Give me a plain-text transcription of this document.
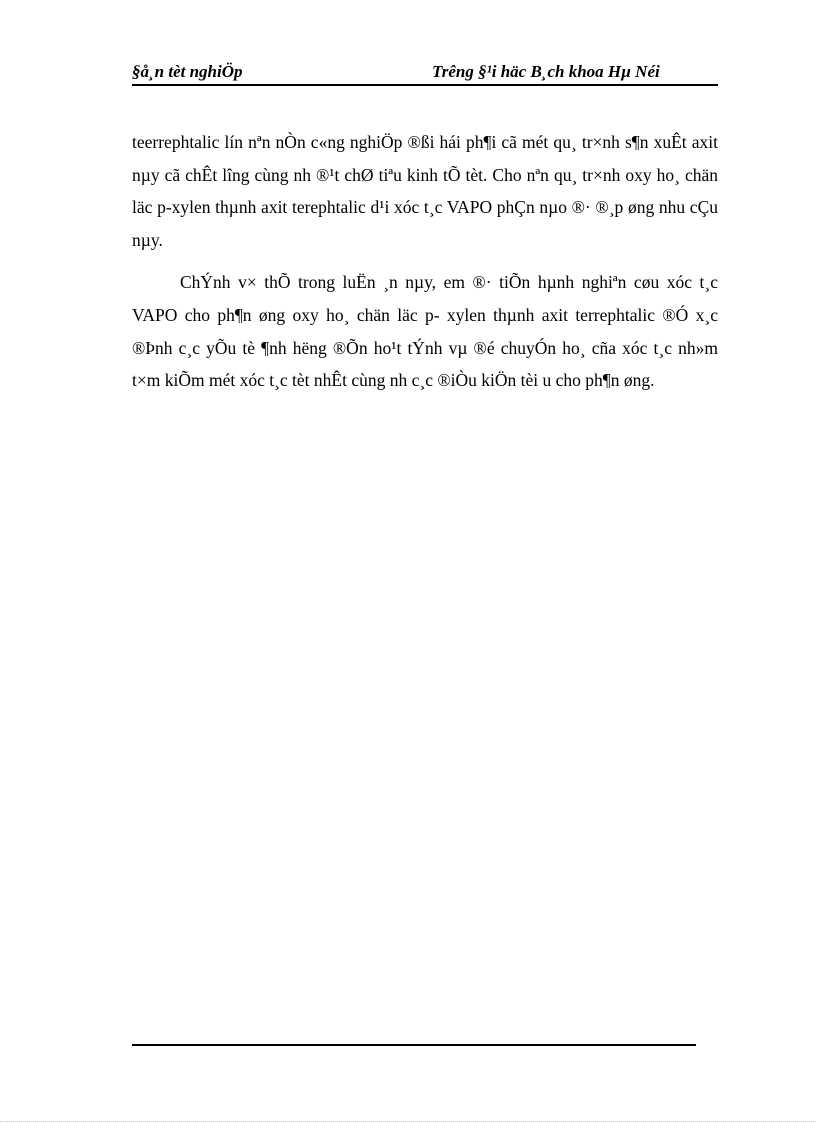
§å¸n tèt nghiÖp	Trêng §¹i häc B¸ch khoa Hµ Néi

teerrephtalic lín nªn nÒn c«ng nghiÖp ®ßi hái ph¶i cã mét qu¸ tr×nh s¶n xuÊt axit nµy cã chÊt lîng cùng nh ®¹t chØ tiªu kinh tÕ tèt. Cho nªn qu¸ tr×nh oxy ho¸ chän läc p-xylen thµnh axit terephtalic d¹i xóc t¸c VAPO phÇn nµo ®· ®¸p øng nhu cÇu nµy.

ChÝnh v× thÕ trong luËn ¸n nµy, em ®· tiÕn hµnh nghiªn cøu xóc t¸c VAPO cho ph¶n øng oxy ho¸ chän läc p- xylen thµnh axit terrephtalic ®Ó x¸c ®Þnh c¸c yÕu tè ¶nh hëng ®Õn ho¹t tÝnh vµ ®é chuyÓn ho¸ cña xóc t¸c nh»m t×m kiÕm mét xóc t¸c tèt nhÊt cùng nh c¸c ®iÒu kiÖn tèi u cho ph¶n øng.
